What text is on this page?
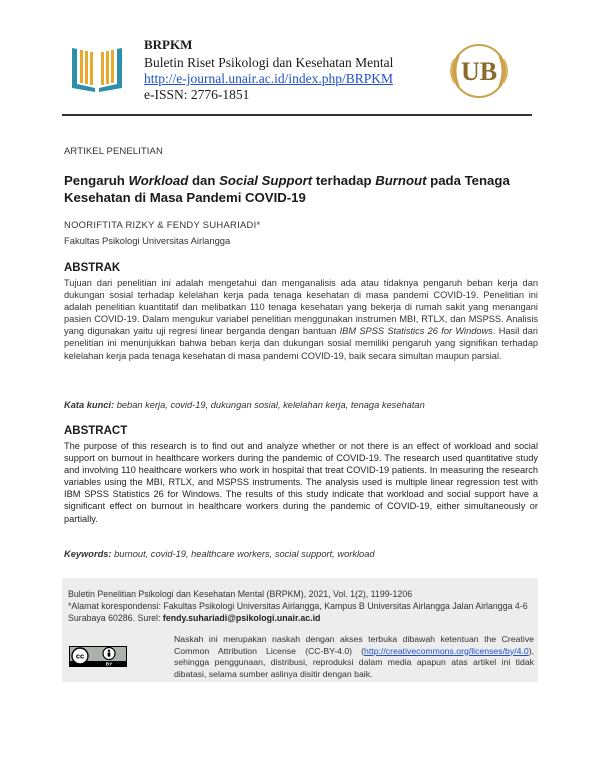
BRPKM
Buletin Riset Psikologi dan Kesehatan Mental
http://e-journal.unair.ac.id/index.php/BRPKM
e-ISSN: 2776-1851
UB
ARTIKEL PENELITIAN
Pengaruh Workload dan Social Support terhadap Burnout pada Tenaga Kesehatan di Masa Pandemi COVID-19
NOORIFTITA RIZKY & FENDY SUHARIADI*
Fakultas Psikologi Universitas Airlangga
ABSTRAK
Tujuan dari penelitian ini adalah mengetahui dan menganalisis ada atau tidaknya pengaruh beban kerja dan dukungan sosial terhadap kelelahan kerja pada tenaga kesehatan di masa pandemi COVID-19. Penelitian ini adalah penelitian kuantitatif dan melibatkan 110 tenaga kesehatan yang bekerja di rumah sakit yang menangani pasien COVID-19. Dalam mengukur variabel penelitian menggunakan instrumen MBI, RTLX, dan MSPSS. Analisis yang digunakan yaitu uji regresi linear berganda dengan bantuan IBM SPSS Statistics 26 for Windows. Hasil dari penelitian ini menunjukkan bahwa beban kerja dan dukungan sosial memiliki pengaruh yang signifikan terhadap kelelahan kerja pada tenaga kesehatan di masa pandemi COVID-19, baik secara simultan maupun parsial.
Kata kunci: beban kerja, covid-19, dukungan sosial, kelelahan kerja, tenaga kesehatan
ABSTRACT
The purpose of this research is to find out and analyze whether or not there is an effect of workload and social support on burnout in healthcare workers during the pandemic of COVID-19. The research used quantitative study and involving 110 healthcare workers who work in hospital that treat COVID-19 patients. In measuring the research variables using the MBI, RTLX, and MSPSS instruments. The analysis used is multiple linear regression test with IBM SPSS Statistics 26 for Windows. The results of this study indicate that workload and social support have a significant effect on burnout in healthcare workers during the pandemic of COVID-19, either simultaneously or partially.
Keywords: burnout, covid-19, healthcare workers, social support, workload
Buletin Penelitian Psikologi dan Kesehatan Mental (BRPKM), 2021, Vol. 1(2), 1199-1206
*Alamat korespondensi: Fakultas Psikologi Universitas Airlangga, Kampus B Universitas Airlangga Jalan Airlangga 4-6 Surabaya 60286. Surel: fendy.suhariadi@psikologi.unair.ac.id
cc
BY
Naskah ini merupakan naskah dengan akses terbuka dibawah ketentuan the Creative Common Attribution License (CC-BY-4.0) (http://creativecommons.org/licenses/by/4.0), sehingga penggunaan, distribusi, reproduksi dalam media apapun atas artikel ini tidak dibatasi, selama sumber aslinya disitir dengan baik.
